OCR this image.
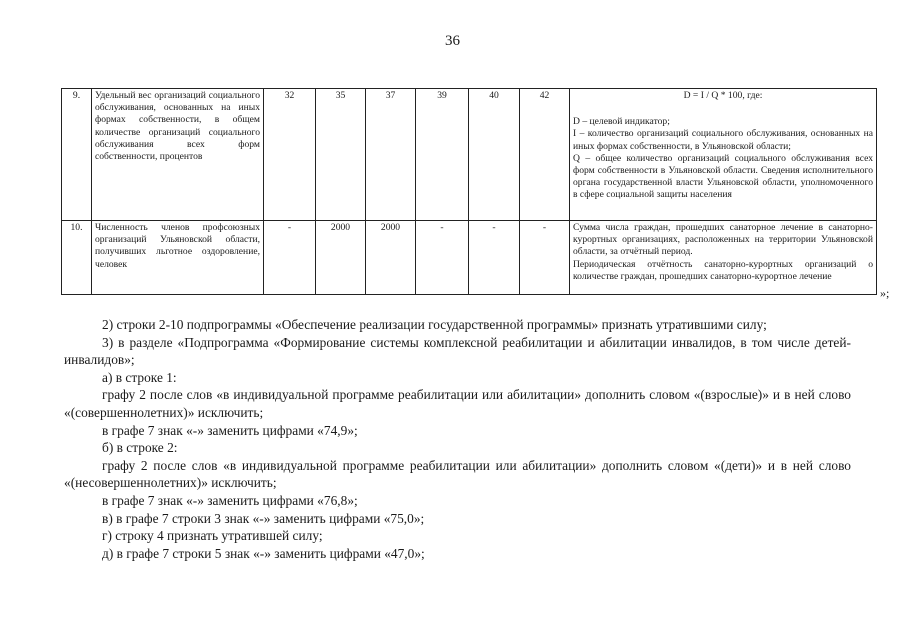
36
9.	Удельный вес организаций социального обслуживания, основанных на иных формах собственности, в общем количестве организаций социального обслуживания всех форм собственности, процентов	32	35	37	39	40	42	D = I / Q * 100, где:

D – целевой индикатор;

I – количество организаций социального обслуживания, основанных на иных формах собственности, в Ульяновской области;

Q – общее количество организаций социального обслуживания всех форм собственности в Ульяновской области. Сведения исполнительного органа государственной власти Ульяновской области, уполномоченного в сфере социальной защиты населения

10.	Численность членов профсоюзных организаций Ульяновской области, получивших льготное оздоровление, человек	-	2000	2000	-	-	-	Сумма числа граждан, прошедших санаторное лечение в санаторно-курортных организациях, расположенных на территории Ульяновской области, за отчётный период.

Периодическая отчётность санаторно-курортных организаций о количестве граждан, прошедших санаторно-курортное лечение

»;

2) строки 2-10 подпрограммы «Обеспечение реализации государственной программы» признать утратившими силу;

3) в разделе «Подпрограмма «Формирование системы комплексной реабилитации и абилитации инвалидов, в том числе детей-инвалидов»;

а) в строке 1:

графу 2 после слов «в индивидуальной программе реабилитации или абилитации» дополнить словом «(взрослые)» и в ней слово «(совершеннолетних)» исключить;

в графе 7 знак «-» заменить цифрами «74,9»;

б) в строке 2:

графу 2 после слов «в индивидуальной программе реабилитации или абилитации» дополнить словом «(дети)» и в ней слово «(несовершеннолетних)» исключить;

в графе 7 знак «-» заменить цифрами «76,8»;

в) в графе 7 строки 3 знак «-» заменить цифрами «75,0»;

г) строку 4 признать утратившей силу;

д) в графе 7 строки 5 знак «-» заменить цифрами «47,0»;
